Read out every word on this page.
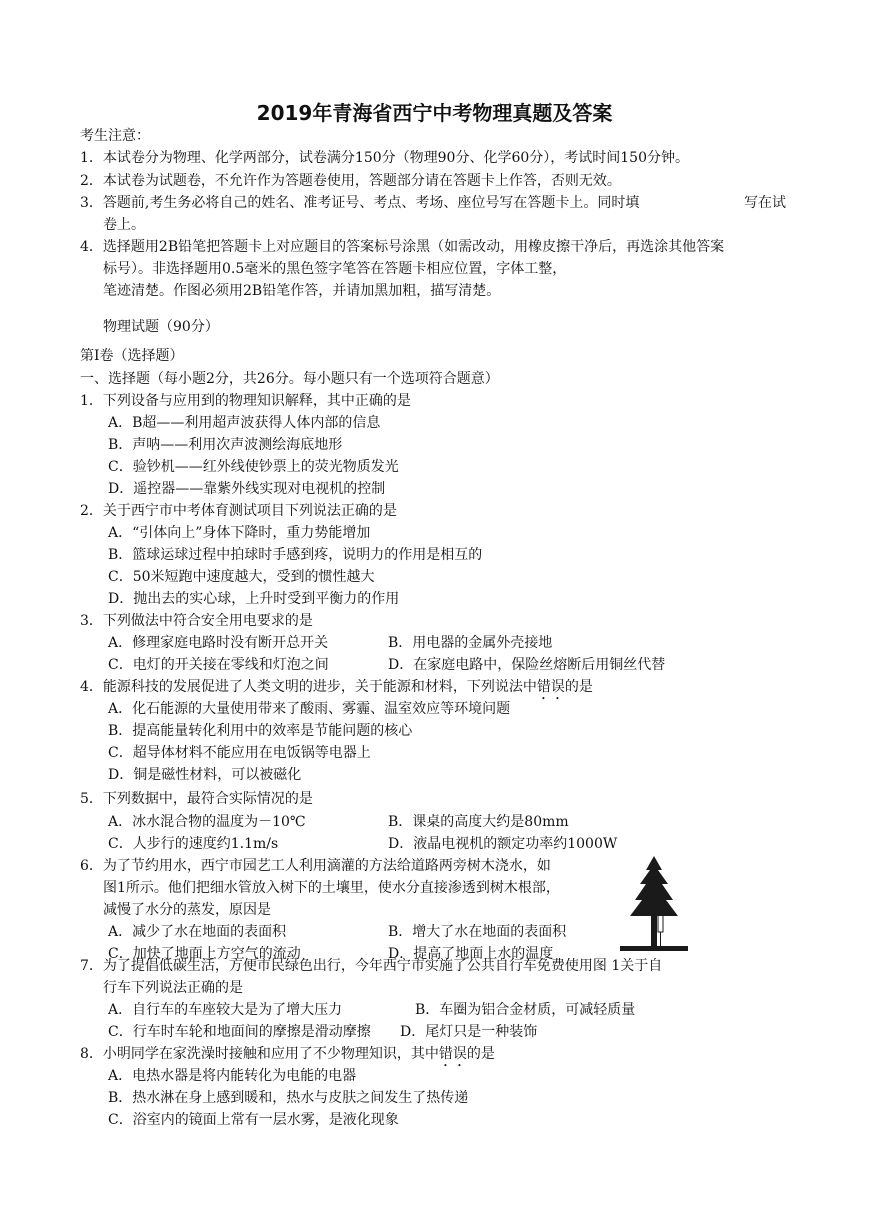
2019年青海省西宁中考物理真题及答案
考生注意：
1．本试卷分为物理、化学两部分，试卷满分150分（物理90分、化学60分），考试时间150分钟。
2．本试卷为试题卷，不允许作为答题卷使用，答题部分请在答题卡上作答，否则无效。
3．答题前,考生务必将自己的姓名、准考证号、考点、考场、座位号写在答题卡上。同时填	写在试
卷上。
4．选择题用2B铅笔把答题卡上对应题目的答案标号涂黑（如需改动，用橡皮擦干净后，再选涂其他答案
标号）。非选择题用0.5毫米的黑色签字笔答在答题卡相应位置，字体工整，
笔迹清楚。作图必须用2B铅笔作答，并请加黑加粗，描写清楚。
物理试题（90分）
第Ⅰ卷（选择题）
一、选择题（每小题2分，共26分。每小题只有一个选项符合题意）
1．下列设备与应用到的物理知识解释，其中正确的是
A．B超——利用超声波获得人体内部的信息
B．声呐——利用次声波测绘海底地形
C．验钞机——红外线使钞票上的荧光物质发光
D．遥控器——靠紫外线实现对电视机的控制
2．关于西宁市中考体育测试项目下列说法正确的是
A．“引体向上”身体下降时，重力势能增加
B．篮球运球过程中拍球时手感到疼，说明力的作用是相互的
C．50米短跑中速度越大，受到的惯性越大
D．抛出去的实心球，上升时受到平衡力的作用
3．下列做法中符合安全用电要求的是
A．修理家庭电路时没有断开总开关	B．用电器的金属外壳接地
C．电灯的开关接在零线和灯泡之间	D．在家庭电路中，保险丝熔断后用铜丝代替
4．能源科技的发展促进了人类文明的进步，关于能源和材料，下列说法中错误的是
A．化石能源的大量使用带来了酸雨、雾霾、温室效应等环境问题
B．提高能量转化利用中的效率是节能问题的核心
C．超导体材料不能应用在电饭锅等电器上
D．铜是磁性材料，可以被磁化
5．下列数据中，最符合实际情况的是
A．冰水混合物的温度为－10℃	B．课桌的高度大约是80mm
C．人步行的速度约1.1m/s	D．液晶电视机的额定功率约1000W
6．为了节约用水，西宁市园艺工人利用滴灌的方法给道路两旁树木浇水，如
图1所示。他们把细水管放入树下的土壤里，使水分直接渗透到树木根部，
减慢了水分的蒸发，原因是
A．减少了水在地面的表面积	B．增大了水在地面的表面积
C．加快了地面上方空气的流动	D．提高了地面上水的温度
7．为了提倡低碳生活，方便市民绿色出行，今年西宁市实施了公共自行车免费使用图 1关于自
行车下列说法正确的是
A．自行车的车座较大是为了增大压力	B．车圈为铝合金材质，可减轻质量
C．行车时车轮和地面间的摩擦是滑动摩擦 D．尾灯只是一种装饰
8．小明同学在家洗澡时接触和应用了不少物理知识，其中错误的是
A．电热水器是将内能转化为电能的电器
B．热水淋在身上感到暖和，热水与皮肤之间发生了热传递
C．浴室内的镜面上常有一层水雾，是液化现象
